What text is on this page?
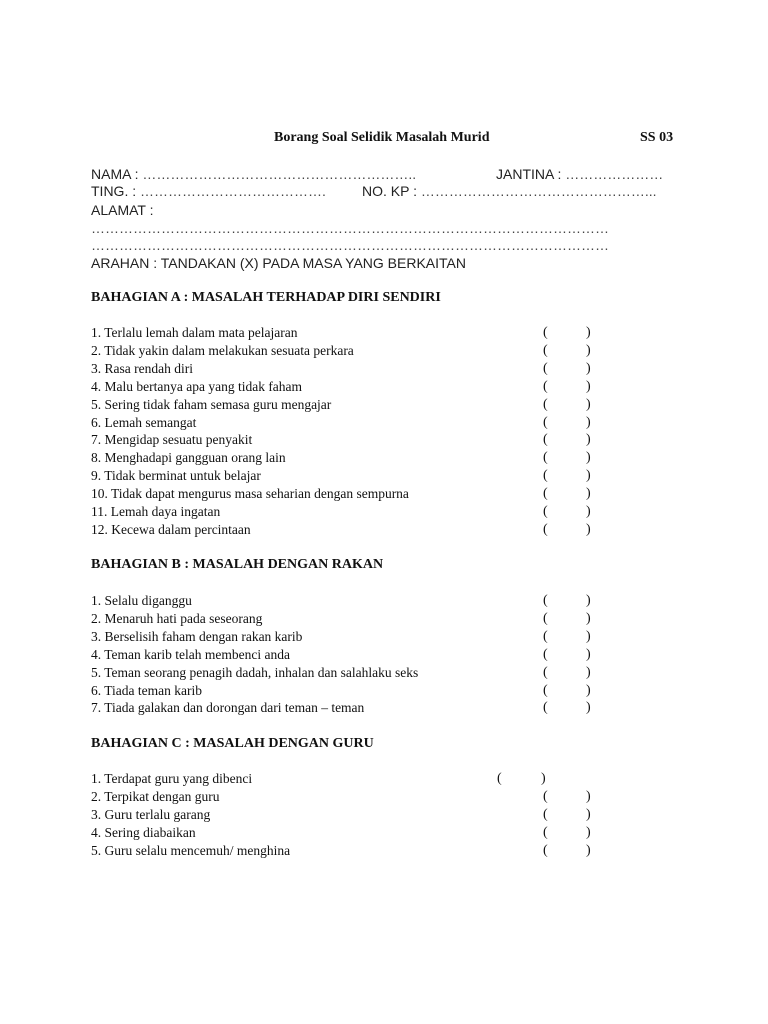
Borang Soal Selidik Masalah Murid	SS 03
NAMA : …………………………………………………..	JANTINA : …………………
TING. : ………………………………….	NO. KP : …………………………………………...
ALAMAT :
…………………………………………………………………………………………………
…………………………………………………………………………………………………
ARAHAN : TANDAKAN (X) PADA MASA YANG BERKAITAN
BAHAGIAN A : MASALAH TERHADAP DIRI SENDIRI
1. Terlalu lemah dalam mata pelajaran	(	)
2. Tidak yakin dalam melakukan sesuata perkara	(	)
3. Rasa rendah diri	(	)
4. Malu bertanya apa yang tidak faham	(	)
5. Sering tidak faham semasa guru mengajar	(	)
6. Lemah semangat	(	)
7. Mengidap sesuatu penyakit	(	)
8. Menghadapi gangguan orang lain	(	)
9. Tidak berminat untuk belajar	(	)
10. Tidak dapat mengurus masa seharian dengan sempurna	(	)
11. Lemah daya ingatan	(	)
12. Kecewa dalam percintaan	(	)
BAHAGIAN B : MASALAH DENGAN RAKAN
1. Selalu diganggu	(	)
2. Menaruh hati pada seseorang	(	)
3. Berselisih faham dengan rakan karib	(	)
4. Teman karib telah membenci anda	(	)
5. Teman seorang penagih dadah, inhalan dan salahlaku seks	(	)
6. Tiada teman karib	(	)
7. Tiada galakan dan dorongan dari teman – teman	(	)
BAHAGIAN C : MASALAH DENGAN GURU
1. Terdapat guru yang dibenci	(	)
2. Terpikat dengan guru	(	)
3. Guru terlalu garang	(	)
4. Sering diabaikan	(	)
5. Guru selalu mencemuh/ menghina	(	)
